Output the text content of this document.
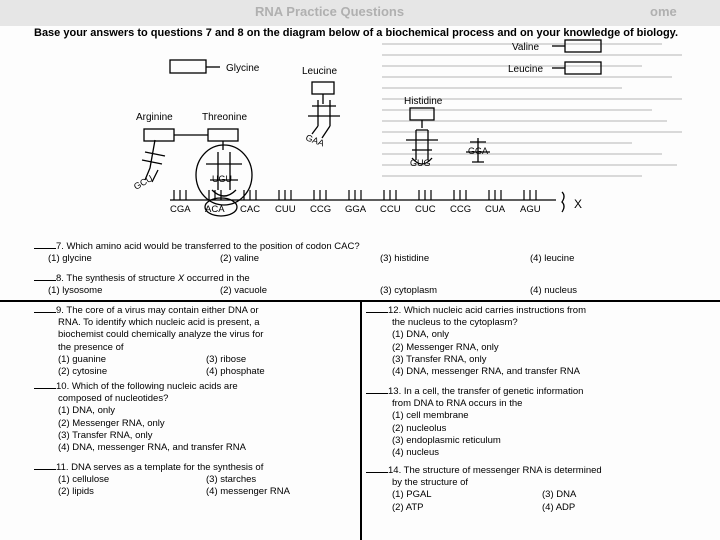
ome
RNA Practice Questions
Base your answers to questions 7 and 8 on the diagram below of a biochemical process and on your knowledge of biology.
Glycine
Valine
Leucine
Leucine
Histidine
Arginine	Threonine
X
GAA
GGA
GUG
GCU	UGU
CGA ACA CAC CUU CCG GGA CCU CUC CCG CUA AGU
7. Which amino acid would be transferred to the position of codon CAC?
(1) glycine	(2) valine	(3) histidine	(4) leucine
8. The synthesis of structure X occurred in the
(1) lysosome	(2) vacuole	(3) cytoplasm	(4) nucleus
9. The core of a virus may contain either DNA or
RNA. To identify which nucleic acid is present, a
biochemist could chemically analyze the virus for
the presence of
(1) guanine	(3) ribose
(2) cytosine	(4) phosphate
10. Which of the following nucleic acids are
composed of nucleotides?
(1) DNA, only
(2) Messenger RNA, only
(3) Transfer RNA, only
(4) DNA, messenger RNA, and transfer RNA
11. DNA serves as a template for the synthesis of
(1) cellulose	(3) starches
(2) lipids	(4) messenger RNA
12. Which nucleic acid carries instructions from
the nucleus to the cytoplasm?
(1) DNA, only
(2) Messenger RNA, only
(3) Transfer RNA, only
(4) DNA, messenger RNA, and transfer RNA
13. In a cell, the transfer of genetic information
from DNA to RNA occurs in the
(1) cell membrane
(2) nucleolus
(3) endoplasmic reticulum
(4) nucleus
14. The structure of messenger RNA is determined
by the structure of
(1) PGAL	(3) DNA
(2) ATP	(4) ADP
